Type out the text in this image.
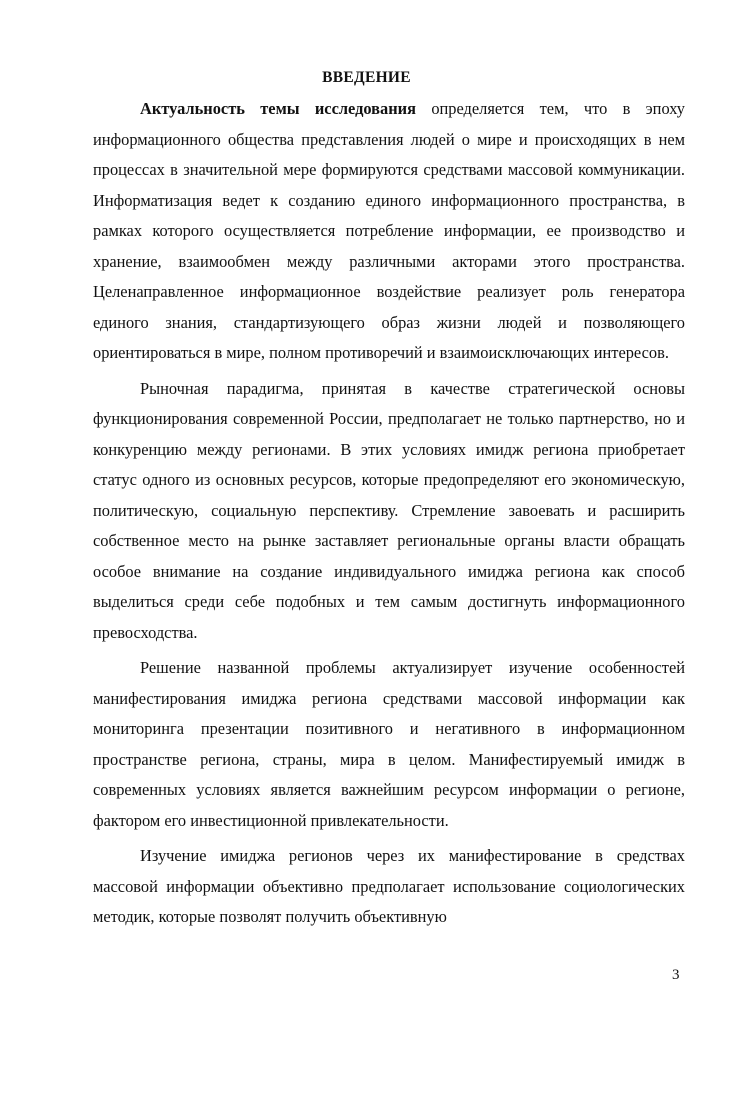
ВВЕДЕНИЕ

Актуальность темы исследования определяется тем, что в эпоху информационного общества представления людей о мире и происходящих в нем процессах в значительной мере формируются средствами массовой коммуникации. Информатизация ведет к созданию единого информационного пространства, в рамках которого осуществляется потребление информации, ее производство и хранение, взаимообмен между различными акторами этого пространства. Целенаправленное информационное воздействие реализует роль генератора единого знания, стандартизующего образ жизни людей и позволяющего ориентироваться в мире, полном противоречий и взаимоисключающих интересов.

Рыночная парадигма, принятая в качестве стратегической основы функционирования современной России, предполагает не только партнерство, но и конкуренцию между регионами. В этих условиях имидж региона приобретает статус одного из основных ресурсов, которые предопределяют его экономическую, политическую, социальную перспективу. Стремление завоевать и расширить собственное место на рынке заставляет региональные органы власти обращать особое внимание на создание индивидуального имиджа региона как способ выделиться среди себе подобных и тем самым достигнуть информационного превосходства.

Решение названной проблемы актуализирует изучение особенностей манифестирования имиджа региона средствами массовой информации как мониторинга презентации позитивного и негативного в информационном пространстве региона, страны, мира в целом. Манифестируемый имидж в современных условиях является важнейшим ресурсом информации о регионе, фактором его инвестиционной привлекательности.

Изучение имиджа регионов через их манифестирование в средствах массовой информации объективно предполагает использование социологических методик, которые позволят получить объективную

3
